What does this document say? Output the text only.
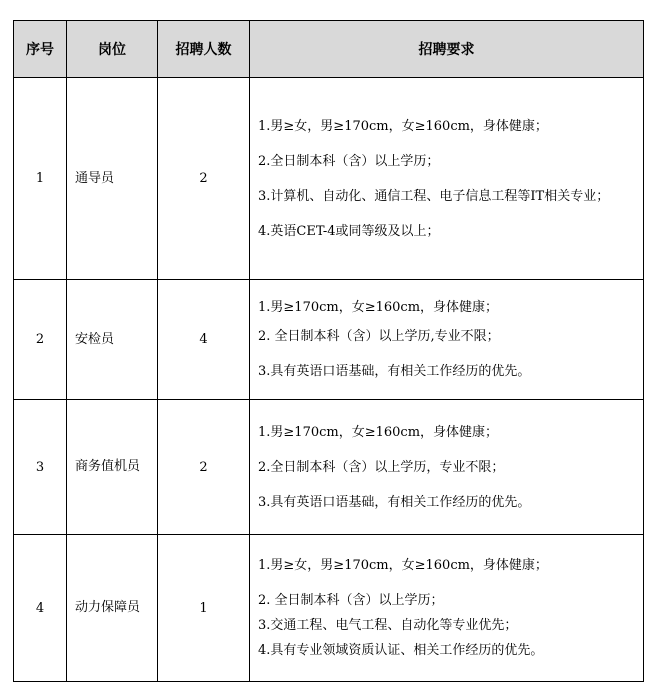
序号	岗位	招聘人数	招聘要求
1	通导员	2	1.男≥女，男≥170cm，女≥160cm，身体健康；

2.全日制本科（含）以上学历；

3.计算机、自动化、通信工程、电子信息工程等IT相关专业；

4.英语CET-4或同等级及以上；

2	安检员	4	1.男≥170cm，女≥160cm，身体健康；

2. 全日制本科（含）以上学历,专业不限；

3.具有英语口语基础，有相关工作经历的优先。

3	商务值机员	2	1.男≥170cm，女≥160cm，身体健康；

2.全日制本科（含）以上学历，专业不限；

3.具有英语口语基础，有相关工作经历的优先。

4	动力保障员	1	1.男≥女，男≥170cm，女≥160cm，身体健康；

2. 全日制本科（含）以上学历；

3.交通工程、电气工程、自动化等专业优先；

4.具有专业领域资质认证、相关工作经历的优先。
